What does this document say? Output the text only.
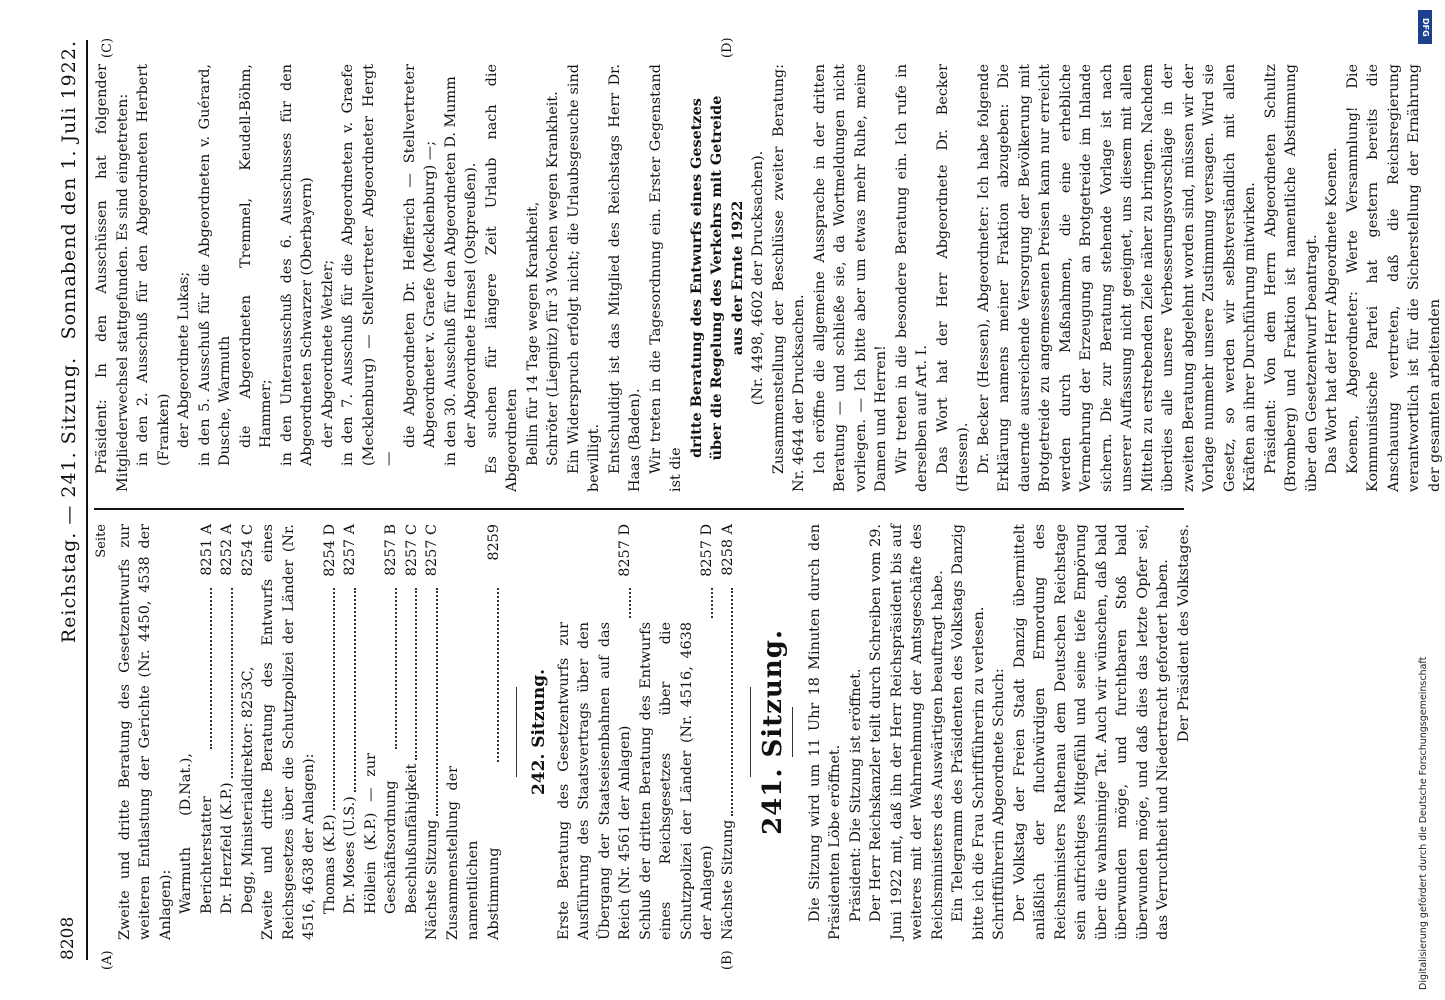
8208
Reichstag. — 241. Sitzung.
Sonnabend den 1. Juli 1922.
(A)	(B)
(C)	(D)
Seite Zweite und dritte Beratung des Gesetzentwurfs zur weiteren Entlastung der Gerichte (Nr. 4450, 4538 der Anlagen): Warmuth (D.Nat.), Berichterstatter
8251 A
Dr. Herzfeld (K.P.)
8252 A
Degg, Ministerialdirektor: 8253C,
8254 C Zweite und dritte Beratung des Entwurfs eines Reichsgesetzes über die Schutzpolizei der Länder (Nr. 4516, 4638 der Anlagen): Thomas (K.P.)
8254 D
Dr. Moses (U.S.)
8257 A
Höllein (K.P.) — zur Geschäftsordnung
8257 B
Beschlußunfähigkeit
8257 C
Nächste Sitzung
8257 C
Zusammenstellung der namentlichen Abstimmung
8259
242. Sitzung. Erste Beratung des Gesetzentwurfs zur Ausführung des Staatsvertrags über den Übergang der Staatseisenbahnen auf das Reich (Nr. 4561 der Anlagen)
8257 D
Schluß der dritten Beratung des Entwurfs eines Reichsgesetzes über die Schutzpolizei der Länder (Nr. 4516, 4638 der Anlagen)
8257 D
Nächste Sitzung
8258 A
241. Sitzung. Die Sitzung wird um 11 Uhr 18 Minuten durch den Präsidenten Löbe eröffnet. Präsident: Die Sitzung ist eröffnet. Der Herr Reichskanzler teilt durch Schreiben vom 29. Juni 1922 mit, daß ihn der Herr Reichspräsident bis auf weiteres mit der Wahrnehmung der Amtsgeschäfte des Reichsministers des Auswärtigen beauftragt habe. Ein Telegramm des Präsidenten des Volkstags Danzig bitte ich die Frau Schriftführerin zu verlesen. Schriftführerin Abgeordnete Schuch: Der Volkstag der Freien Stadt Danzig übermittelt anläßlich der fluchwürdigen Ermordung des Reichsministers Rathenau dem Deutschen Reichstage sein aufrichtiges Mitgefühl und seine tiefe Empörung über die wahnsinnige Tat. Auch wir wünschen, daß bald überwunden möge, und furchtbaren Stoß bald überwunden möge, und daß dies das letzte Opfer sei, das Verruchtheit und Niedertracht gefordert haben. Der Präsident des Volkstages.

Präsident: In den Ausschüssen hat folgender Mitgliederwechsel stattgefunden. Es sind eingetreten: in den 2. Ausschuß für den Abgeordneten Herbert (Franken) der Abgeordnete Lukas; in den 5. Ausschuß für die Abgeordneten v. Guérard, Dusche, Warmuth die Abgeordneten Tremmel, Keudell-Böhm, Hammer; in den Unterausschuß des 6. Ausschusses für den Abgeordneten Schwarzer (Oberbayern) der Abgeordnete Wetzler; in den 7. Ausschuß für die Abgeordneten v. Graefe (Mecklenburg) — Stellvertreter Abgeordneter Hergt —

die Abgeordneten Dr. Helfferich — Stellvertreter Abgeordneter v. Graefe (Mecklenburg) —; in den 30. Ausschuß für den Abgeordneten D. Mumm der Abgeordnete Hensel (Ostpreußen). Es suchen für längere Zeit Urlaub nach die Abgeordneten Bellin für 14 Tage wegen Krankheit, Schröter (Liegnitz) für 3 Wochen wegen Krankheit. Ein Widerspruch erfolgt nicht; die Urlaubsgesuche sind bewilligt. Entschuldigt ist das Mitglied des Reichstags Herr Dr. Haas (Baden). Wir treten in die Tagesordnung ein. Erster Gegenstand ist die

dritte Beratung des Entwurfs eines Gesetzes über die Regelung des Verkehrs mit Getreide aus der Ernte 1922 (Nr. 4498, 4602 der Drucksachen). Zusammenstellung der Beschlüsse zweiter Beratung: Nr. 4644 der Drucksachen. Ich eröffne die allgemeine Aussprache in der dritten Beratung — und schließe sie, da Wortmeldungen nicht vorliegen. — Ich bitte aber um etwas mehr Ruhe, meine Damen und Herren! Wir treten in die besondere Beratung ein. Ich rufe in derselben auf Art. I. Das Wort hat der Herr Abgeordnete Dr. Becker (Hessen). Dr. Becker (Hessen), Abgeordneter: Ich habe folgende Erklärung namens meiner Fraktion abzugeben: Die dauernde ausreichende Versorgung der Bevölkerung mit Brotgetreide zu angemessenen Preisen kann nur erreicht werden durch Maßnahmen, die eine erhebliche Vermehrung der Erzeugung an Brotgetreide im Inlande sichern. Die zur Beratung stehende Vorlage ist nach unserer Auffassung nicht geeignet, uns diesem mit allen Mitteln zu erstrebenden Ziele näher zu bringen. Nachdem überdies alle unsere Verbesserungsvorschläge in der zweiten Beratung abgelehnt worden sind, müssen wir der Vorlage nunmehr unsere Zustimmung versagen. Wird sie Gesetz, so werden wir selbstverständlich mit allen Kräften an ihrer Durchführung mitwirken. Präsident: Von dem Herrn Abgeordneten Schultz (Bromberg) und Fraktion ist namentliche Abstimmung über den Gesetzentwurf beantragt. Das Wort hat der Herr Abgeordnete Koenen. Koenen, Abgeordneter: Werte Versammlung! Die Kommunistische Partei hat gestern bereits die Anschauung vertreten, daß die Reichsregierung verantwortlich ist für die Sicherstellung der Ernährung der gesamten arbeitenden

DFG
Digitalisierung gefördert durch die Deutsche Forschungsgemeinschaft
